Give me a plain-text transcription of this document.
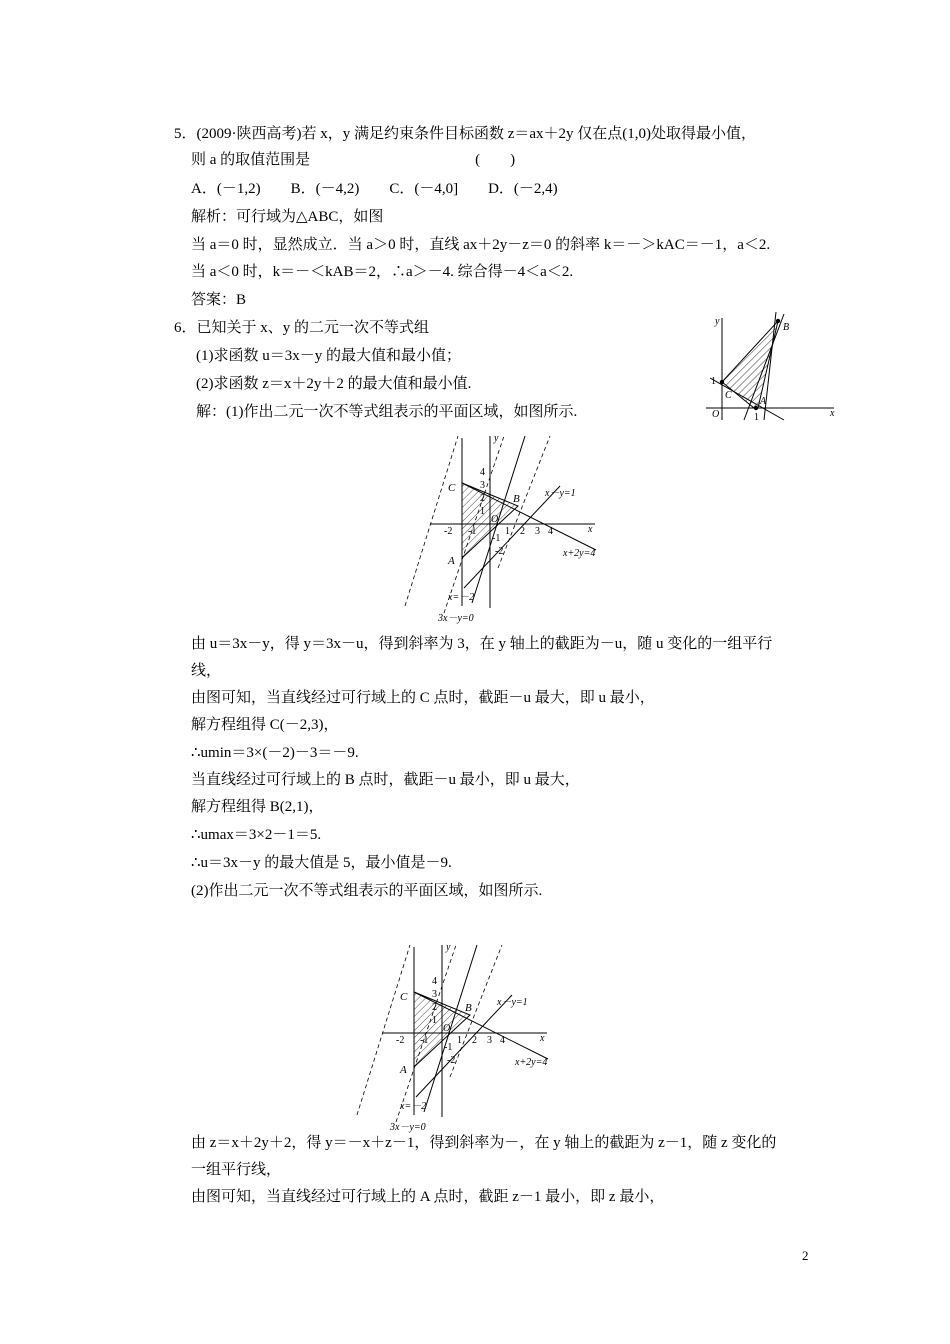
5．(2009·陕西高考)若 x，y 满足约束条件目标函数 z＝ax＋2y 仅在点(1,0)处取得最小值，
则 a 的取值范围是　　　　　　　　　　　(　　)
A．(－1,2)　　B．(－4,2)　　C．(－4,0]　　D．(－2,4)
解析：可行域为△ABC，如图
当 a＝0 时，显然成立．当 a＞0 时，直线 ax＋2y－z＝0 的斜率 k＝－＞kAC＝－1，a＜2.
当 a＜0 时，k＝－＜kAB＝2，∴a＞－4. 综合得－4＜a＜2.
答案：B
6．已知关于 x、y 的二元一次不等式组
(1)求函数 u＝3x－y 的最大值和最小值；
(2)求函数 z＝x＋2y＋2 的最大值和最小值.
解：(1)作出二元一次不等式组表示的平面区域，如图所示.
y
x
O
1
1
B
C
A
y
x
O
4
3
2
1
-1
-2
-2 -1	1 2 3 4
C
B
A
x－y=1
x+2y=4
x=－2
3x－y=0
由 u＝3x－y，得 y＝3x－u，得到斜率为 3，在 y 轴上的截距为－u，随 u 变化的一组平行
线，
由图可知，当直线经过可行域上的 C 点时，截距－u 最大，即 u 最小，
解方程组得 C(－2,3)，
∴umin＝3×(－2)－3＝－9.
当直线经过可行域上的 B 点时，截距－u 最小，即 u 最大，
解方程组得 B(2,1)，
∴umax＝3×2－1＝5.
∴u＝3x－y 的最大值是 5，最小值是－9.
(2)作出二元一次不等式组表示的平面区域，如图所示.
y
x
O
4
3
2
1
-1
-2
-2 -1	1 2 3 4
C
B
A
x－y=1
x+2y=4
x=－2
3x－y=0
由 z＝x＋2y＋2，得 y＝－x＋z－1，得到斜率为－，在 y 轴上的截距为 z－1，随 z 变化的
一组平行线，
由图可知，当直线经过可行域上的 A 点时，截距 z－1 最小，即 z 最小，
2
